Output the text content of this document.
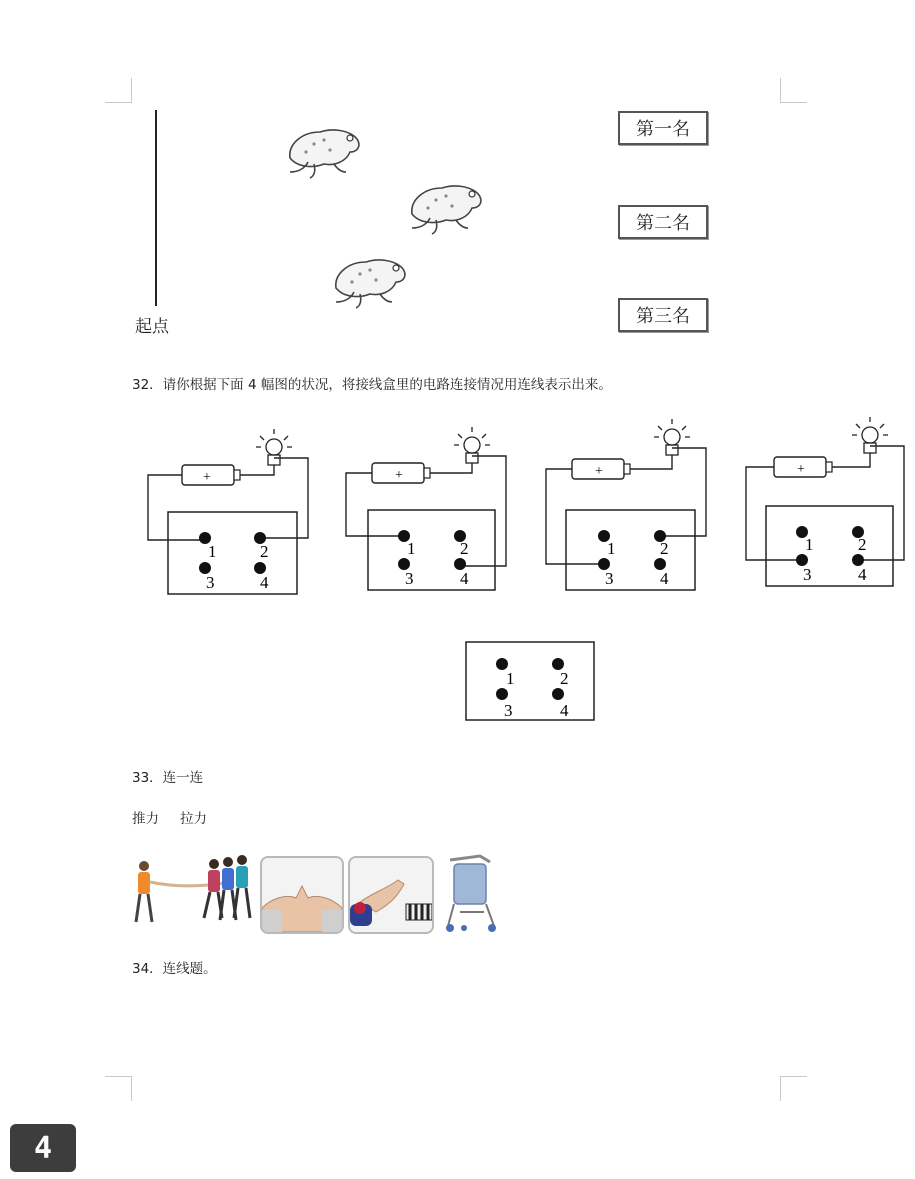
起点
第一名
第二名
第三名
32．请你根据下面 4 幅图的状况，将接线盒里的电路连接情况用连线表示出来。
+
1	2
3	4
+
1	2
3	4
+
1	2
3	4
+
1	2
3	4
1	2
3	4
33．连一连
推力 拉力
34．连线题。
4
